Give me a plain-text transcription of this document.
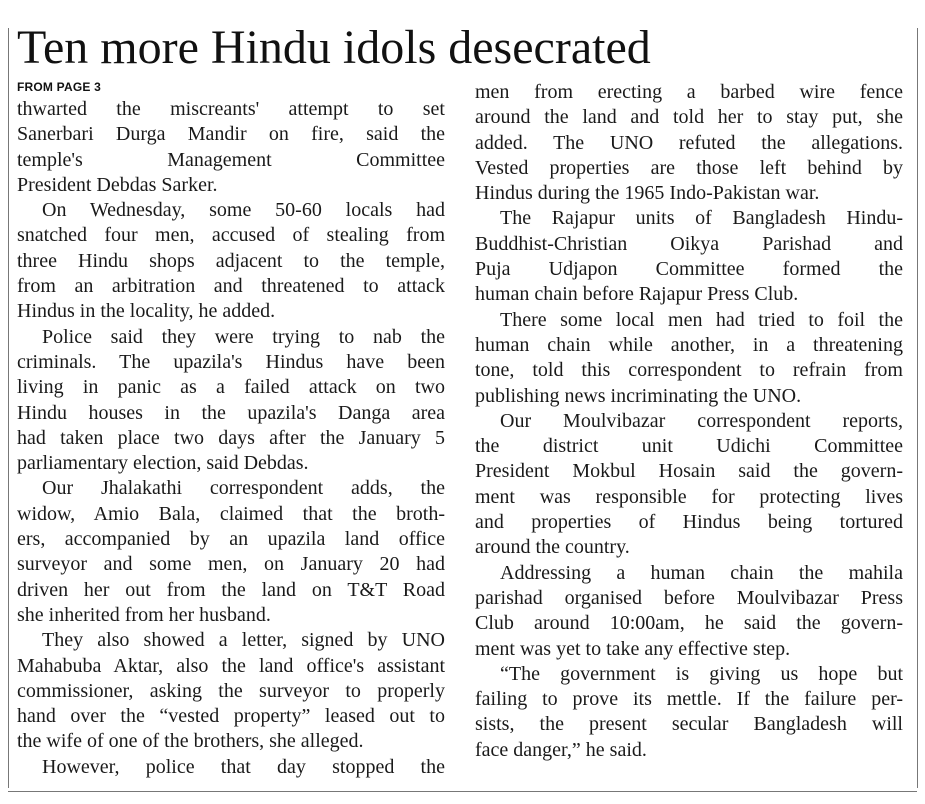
Ten more Hindu idols desecrated
FROM PAGE 3
thwarted the miscreants' attempt to set
Sanerbari Durga Mandir on fire, said the
temple's Management Committee
President Debdas Sarker.
On Wednesday, some 50-60 locals had
snatched four men, accused of stealing from
three Hindu shops adjacent to the temple,
from an arbitration and threatened to attack
Hindus in the locality, he added.
Police said they were trying to nab the
criminals. The upazila's Hindus have been
living in panic as a failed attack on two
Hindu houses in the upazila's Danga area
had taken place two days after the January 5
parliamentary election, said Debdas.
Our Jhalakathi correspondent adds, the
widow, Amio Bala, claimed that the broth-
ers, accompanied by an upazila land office
surveyor and some men, on January 20 had
driven her out from the land on T&T Road
she inherited from her husband.
They also showed a letter, signed by UNO
Mahabuba Aktar, also the land office's assistant
commissioner, asking the surveyor to properly
hand over the “vested property” leased out to
the wife of one of the brothers, she alleged.
However, police that day stopped the
men from erecting a barbed wire fence
around the land and told her to stay put, she
added. The UNO refuted the allegations.
Vested properties are those left behind by
Hindus during the 1965 Indo-Pakistan war.
The Rajapur units of Bangladesh Hindu-
Buddhist-Christian Oikya Parishad and
Puja Udjapon Committee formed the
human chain before Rajapur Press Club.
There some local men had tried to foil the
human chain while another, in a threatening
tone, told this correspondent to refrain from
publishing news incriminating the UNO.
Our Moulvibazar correspondent reports,
the district unit Udichi Committee
President Mokbul Hosain said the govern-
ment was responsible for protecting lives
and properties of Hindus being tortured
around the country.
Addressing a human chain the mahila
parishad organised before Moulvibazar Press
Club around 10:00am, he said the govern-
ment was yet to take any effective step.
“The government is giving us hope but
failing to prove its mettle. If the failure per-
sists, the present secular Bangladesh will
face danger,” he said.
